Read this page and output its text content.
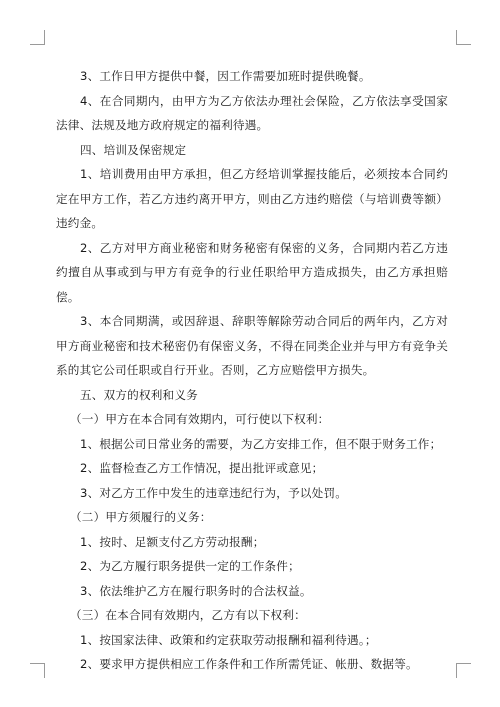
3、工作日甲方提供中餐，因工作需要加班时提供晚餐。

4、在合同期内，由甲方为乙方依法办理社会保险，乙方依法享受国家法律、法规及地方政府规定的福利待遇。

四、培训及保密规定

1、培训费用由甲方承担，但乙方经培训掌握技能后，必须按本合同约定在甲方工作，若乙方违约离开甲方，则由乙方违约赔偿（与培训费等额）违约金。

2、乙方对甲方商业秘密和财务秘密有保密的义务，合同期内若乙方违约擅自从事或到与甲方有竞争的行业任职给甲方造成损失，由乙方承担赔偿。

3、本合同期满，或因辞退、辞职等解除劳动合同后的两年内，乙方对甲方商业秘密和技术秘密仍有保密义务，不得在同类企业并与甲方有竞争关系的其它公司任职或自行开业。否则，乙方应赔偿甲方损失。

五、双方的权利和义务

（一）甲方在本合同有效期内，可行使以下权利：

1、根据公司日常业务的需要，为乙方安排工作，但不限于财务工作；

2、监督检查乙方工作情况，提出批评或意见；

3、对乙方工作中发生的违章违纪行为，予以处罚。

（二）甲方须履行的义务：

1、按时、足额支付乙方劳动报酬；

2、为乙方履行职务提供一定的工作条件；

3、依法维护乙方在履行职务时的合法权益。

（三）在本合同有效期内，乙方有以下权利：

1、按国家法律、政策和约定获取劳动报酬和福利待遇。；

2、要求甲方提供相应工作条件和工作所需凭证、帐册、数据等。
